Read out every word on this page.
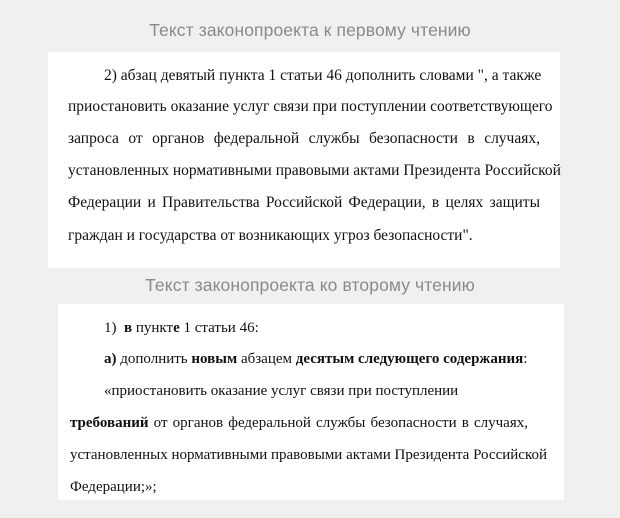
Текст законопроекта к первому чтению
2) абзац девятый пункта 1 статьи 46 дополнить словами ", а также
приостановить оказание услуг связи при поступлении соответствующего
запроса от органов федеральной службы безопасности в случаях,
установленных нормативными правовыми актами Президента Российской
Федерации и Правительства Российской Федерации, в целях защиты
граждан и государства от возникающих угроз безопасности".
Текст законопроекта ко второму чтению
1) в пункте 1 статьи 46:
а) дополнить новым абзацем десятым следующего содержания:
«приостановить оказание услуг связи при поступлении
требований от органов федеральной службы безопасности в случаях,
установленных нормативными правовыми актами Президента Российской
Федерации;»;
